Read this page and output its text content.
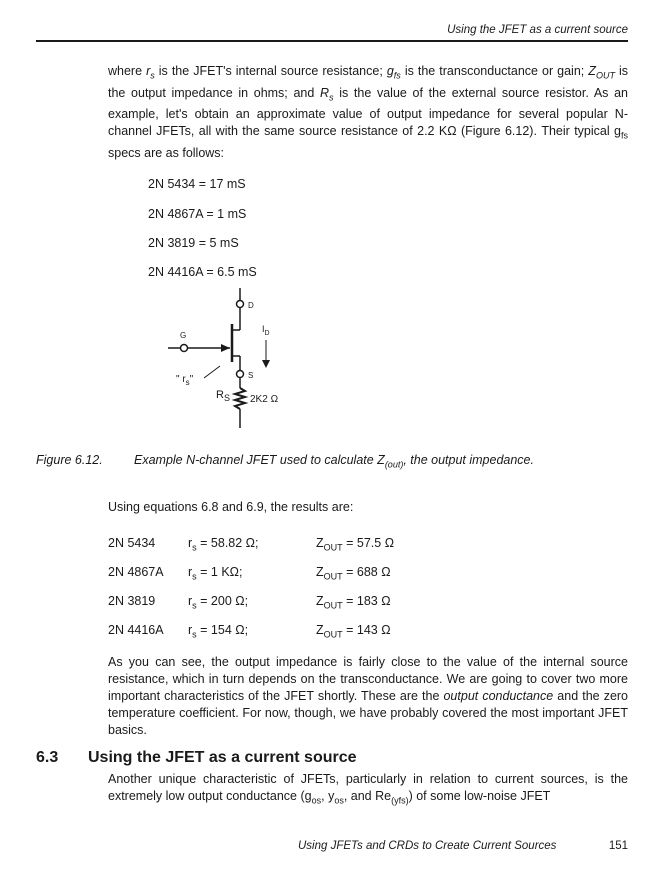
Using the JFET as a current source

where $r_s$ is the JFET's internal source resistance; $g_{fs}$ is the transconductance or gain; $Z_{OUT}$ is the output impedance in ohms; and $R_s$ is the value of the external source resistor. As an example, let's obtain an approximate value of output impedance for several popular N-channel JFETs, all with the same source resistance of 2.2 KΩ (Figure 6.12). Their typical $g_{fs}$ specs are as follows:

2N 5434 = 17 mS
2N 4867A = 1 mS
2N 3819 = 5 mS
2N 4416A = 6.5 mS
D
G
S
$I_D$
" $r_s$"
$R_S$ 2K2 Ω
Figure 6.12.	Example N-channel JFET used to calculate $Z_{(out)}$, the output impedance.
Using equations 6.8 and 6.9, the results are:
2N 5434	$r_s = 58.82$ Ω;	$Z_{OUT} = 57.5$ Ω
2N 4867A $r_s = 1$ KΩ;	$Z_{OUT} = 688$ Ω
2N 3819	$r_s = 200$ Ω;	$Z_{OUT} = 183$ Ω
2N 4416A $r_s = 154$ Ω;	$Z_{OUT} = 143$ Ω

As you can see, the output impedance is fairly close to the value of the internal source resistance, which in turn depends on the transconductance. We are going to cover two more important characteristics of the JFET shortly. These are the output conductance and the zero temperature coefficient. For now, though, we have probably covered the most important JFET basics.

6.3 Using the JFET as a current source

Another unique characteristic of JFETs, particularly in relation to current sources, is the extremely low output conductance ($g_{os}$, $y_{os}$, and $Re_{(yfs)}$) of some low-noise JFET

Using JFETs and CRDs to Create Current Sources	151
